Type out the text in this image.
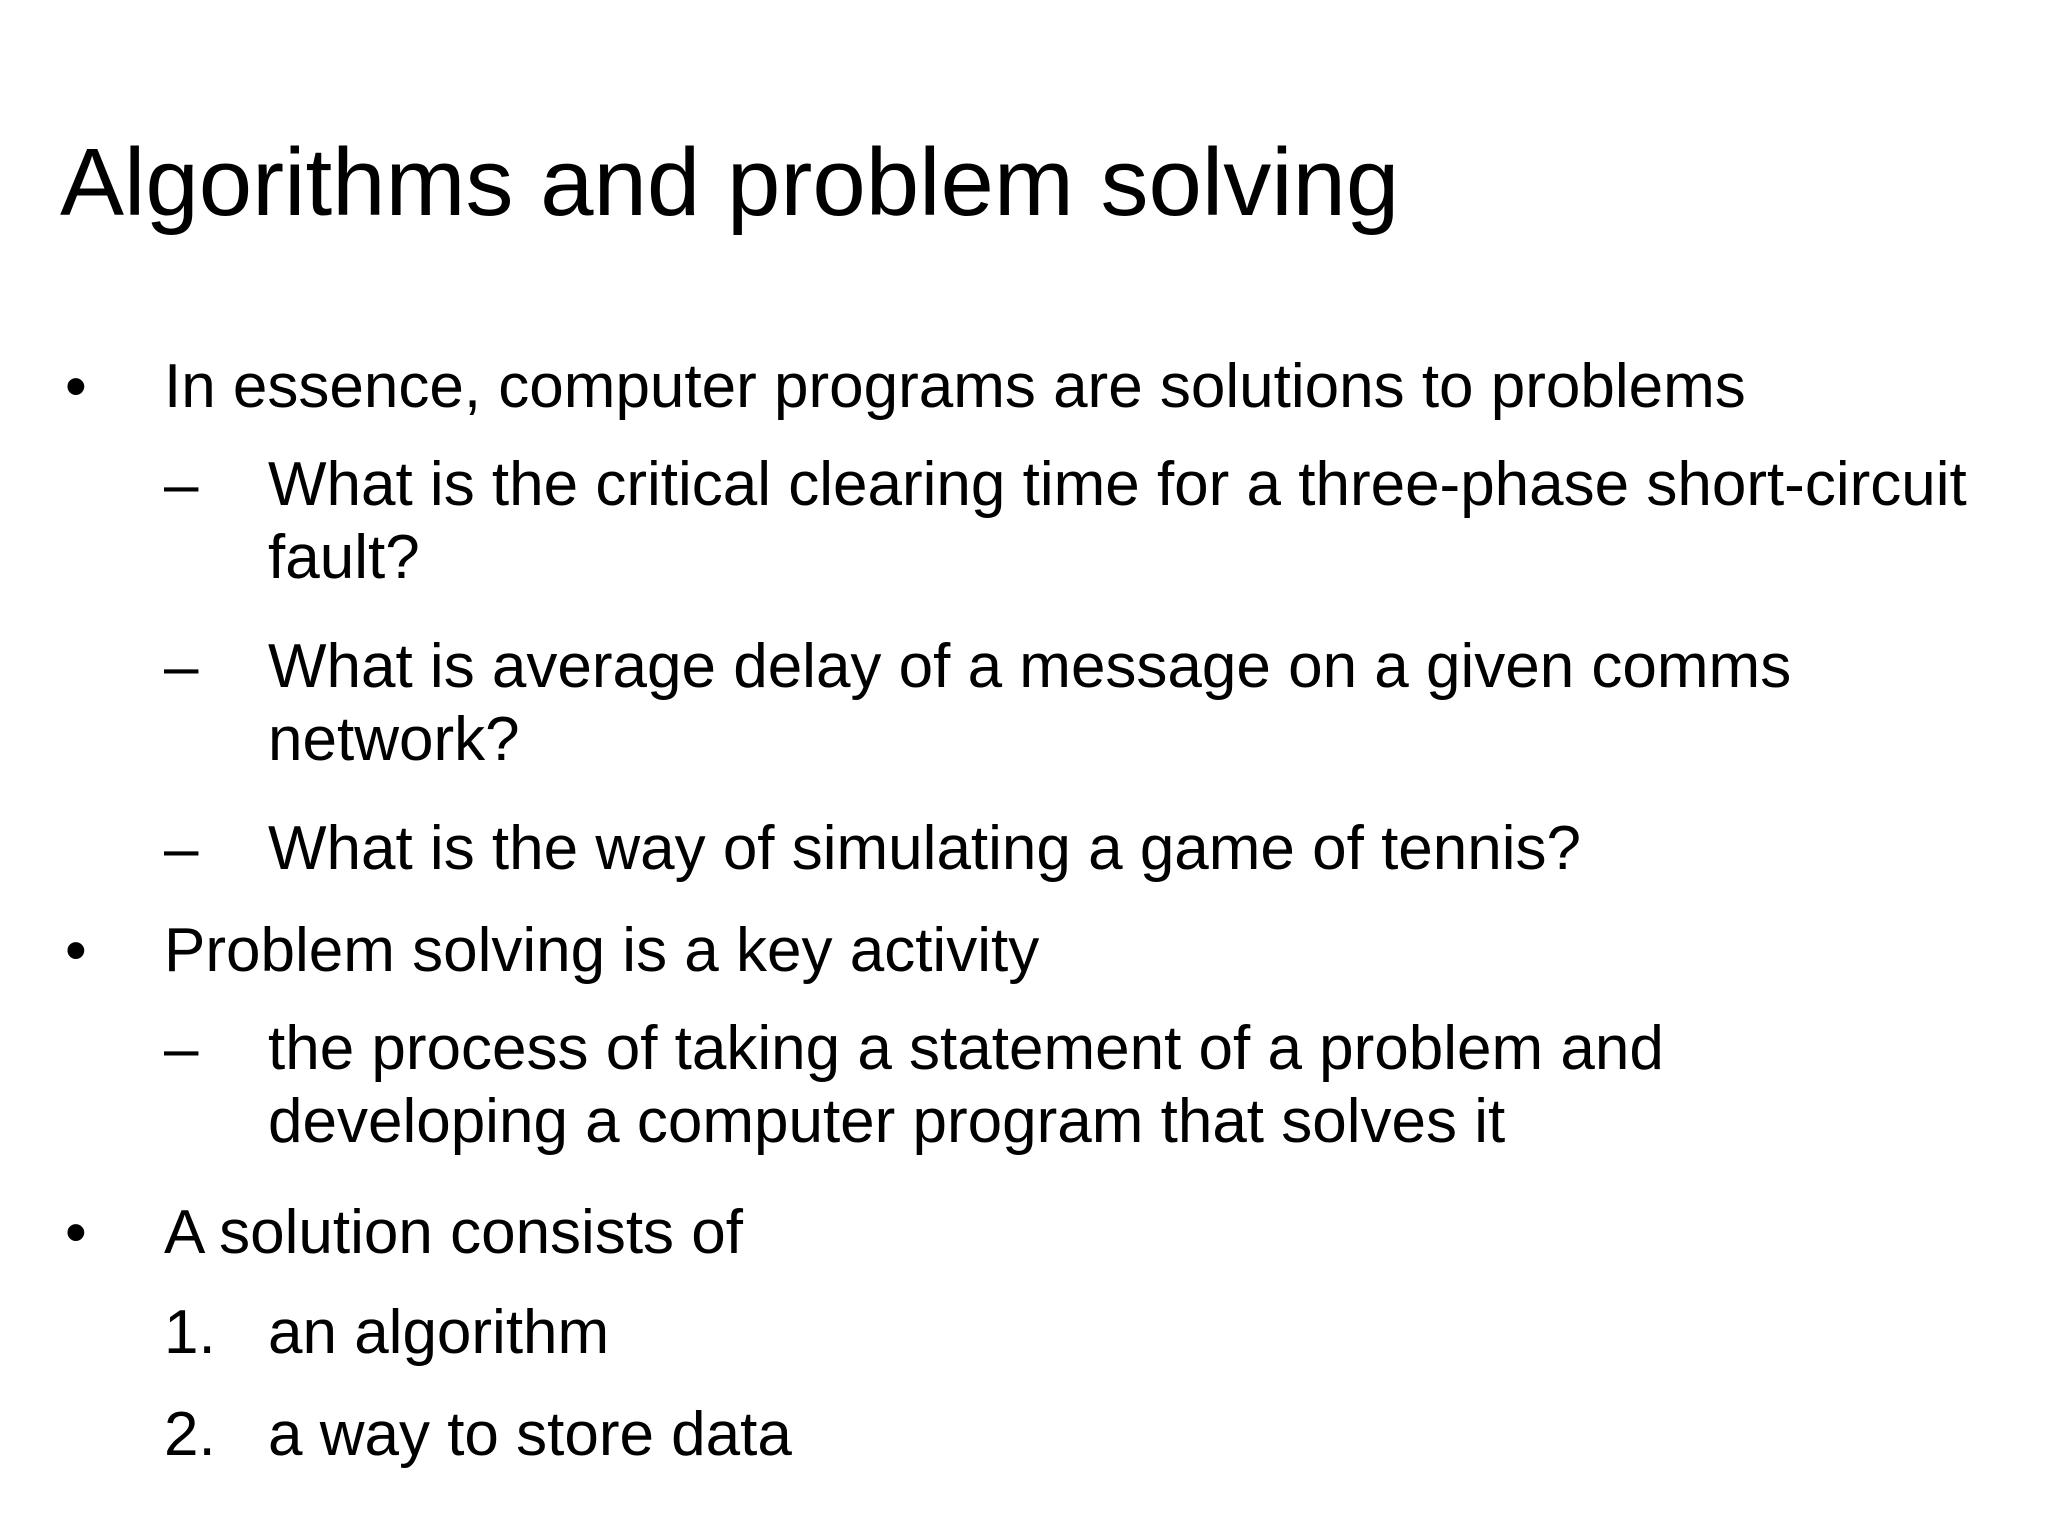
Algorithms and problem solving
• In essence, computer programs are solutions to problems
– What is the critical clearing time for a three-phase short-circuit fault?
– What is average delay of a message on a given comms network?
– What is the way of simulating a game of tennis?
• Problem solving is a key activity
– the process of taking a statement of a problem and developing a computer program that solves it
• A solution consists of
1. an algorithm
2. a way to store data
